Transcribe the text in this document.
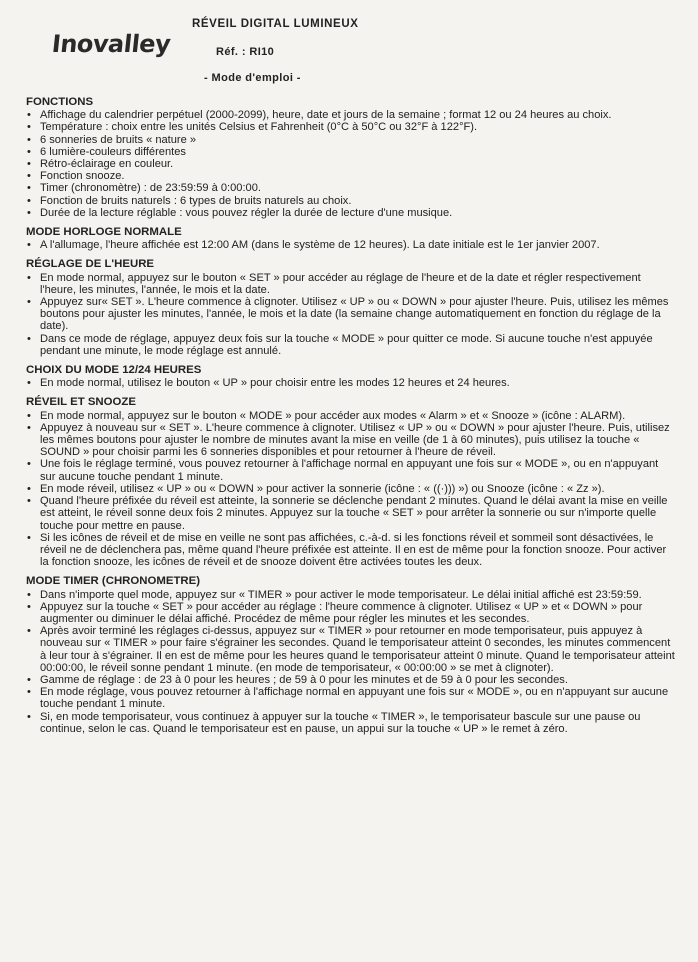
Inovalley
RÉVEIL DIGITAL LUMINEUX
Réf. : RI10
- Mode d'emploi -
FONCTIONS
• Affichage du calendrier perpétuel (2000-2099), heure, date et jours de la semaine ; format 12 ou 24 heures au choix.
• Température : choix entre les unités Celsius et Fahrenheit (0°C à 50°C ou 32°F à 122°F).
• 6 sonneries de bruits « nature »
• 6 lumière-couleurs différentes
• Rétro-éclairage en couleur.
• Fonction snooze.
• Timer (chronomètre) : de 23:59:59 à 0:00:00.
• Fonction de bruits naturels : 6 types de bruits naturels au choix.
• Durée de la lecture réglable : vous pouvez régler la durée de lecture d'une musique.
MODE HORLOGE NORMALE
• A l'allumage, l'heure affichée est 12:00 AM (dans le système de 12 heures). La date initiale est le 1er janvier 2007.
RÉGLAGE DE L'HEURE
• En mode normal, appuyez sur le bouton « SET » pour accéder au réglage de l'heure et de la date et régler respectivement l'heure, les minutes, l'année, le mois et la date.
• Appuyez sur« SET ». L'heure commence à clignoter. Utilisez « UP » ou « DOWN » pour ajuster l'heure. Puis, utilisez les mêmes boutons pour ajuster les minutes, l'année, le mois et la date (la semaine change automatiquement en fonction du réglage de la date).
• Dans ce mode de réglage, appuyez deux fois sur la touche « MODE » pour quitter ce mode. Si aucune touche n'est appuyée pendant une minute, le mode réglage est annulé.
CHOIX DU MODE 12/24 HEURES
• En mode normal, utilisez le bouton « UP » pour choisir entre les modes 12 heures et 24 heures.
RÉVEIL ET SNOOZE
• En mode normal, appuyez sur le bouton « MODE » pour accéder aux modes « Alarm » et « Snooze » (icône : ALARM).
• Appuyez à nouveau sur « SET ». L'heure commence à clignoter. Utilisez « UP » ou « DOWN » pour ajuster l'heure. Puis, utilisez les mêmes boutons pour ajuster le nombre de minutes avant la mise en veille (de 1 à 60 minutes), puis utilisez la touche « SOUND » pour choisir parmi les 6 sonneries disponibles et pour retourner à l'heure de réveil.
• Une fois le réglage terminé, vous pouvez retourner à l'affichage normal en appuyant une fois sur « MODE », ou en n'appuyant sur aucune touche pendant 1 minute.
• En mode réveil, utilisez « UP » ou « DOWN » pour activer la sonnerie (icône : « ((·))) ») ou Snooze (icône : « Zz »).
• Quand l'heure préfixée du réveil est atteinte, la sonnerie se déclenche pendant 2 minutes. Quand le délai avant la mise en veille est atteint, le réveil sonne deux fois 2 minutes. Appuyez sur la touche « SET » pour arrêter la sonnerie ou sur n'importe quelle touche pour mettre en pause.
• Si les icônes de réveil et de mise en veille ne sont pas affichées, c.-à-d. si les fonctions réveil et sommeil sont désactivées, le réveil ne de déclenchera pas, même quand l'heure préfixée est atteinte. Il en est de même pour la fonction snooze. Pour activer la fonction snooze, les icônes de réveil et de snooze doivent être activées toutes les deux.
MODE TIMER (CHRONOMETRE)
• Dans n'importe quel mode, appuyez sur « TIMER » pour activer le mode temporisateur. Le délai initial affiché est 23:59:59.
• Appuyez sur la touche « SET » pour accéder au réglage : l'heure commence à clignoter. Utilisez « UP » et « DOWN » pour augmenter ou diminuer le délai affiché. Procédez de même pour régler les minutes et les secondes.
• Après avoir terminé les réglages ci-dessus, appuyez sur « TIMER » pour retourner en mode temporisateur, puis appuyez à nouveau sur « TIMER » pour faire s'égrainer les secondes. Quand le temporisateur atteint 0 secondes, les minutes commencent à leur tour à s'égrainer. Il en est de même pour les heures quand le temporisateur atteint 0 minute. Quand le temporisateur atteint 00:00:00, le réveil sonne pendant 1 minute. (en mode de temporisateur, « 00:00:00 » se met à clignoter).
• Gamme de réglage : de 23 à 0 pour les heures ; de 59 à 0 pour les minutes et de 59 à 0 pour les secondes.
• En mode réglage, vous pouvez retourner à l'affichage normal en appuyant une fois sur « MODE », ou en n'appuyant sur aucune touche pendant 1 minute.
• Si, en mode temporisateur, vous continuez à appuyer sur la touche « TIMER », le temporisateur bascule sur une pause ou continue, selon le cas. Quand le temporisateur est en pause, un appui sur la touche « UP » le remet à zéro.
